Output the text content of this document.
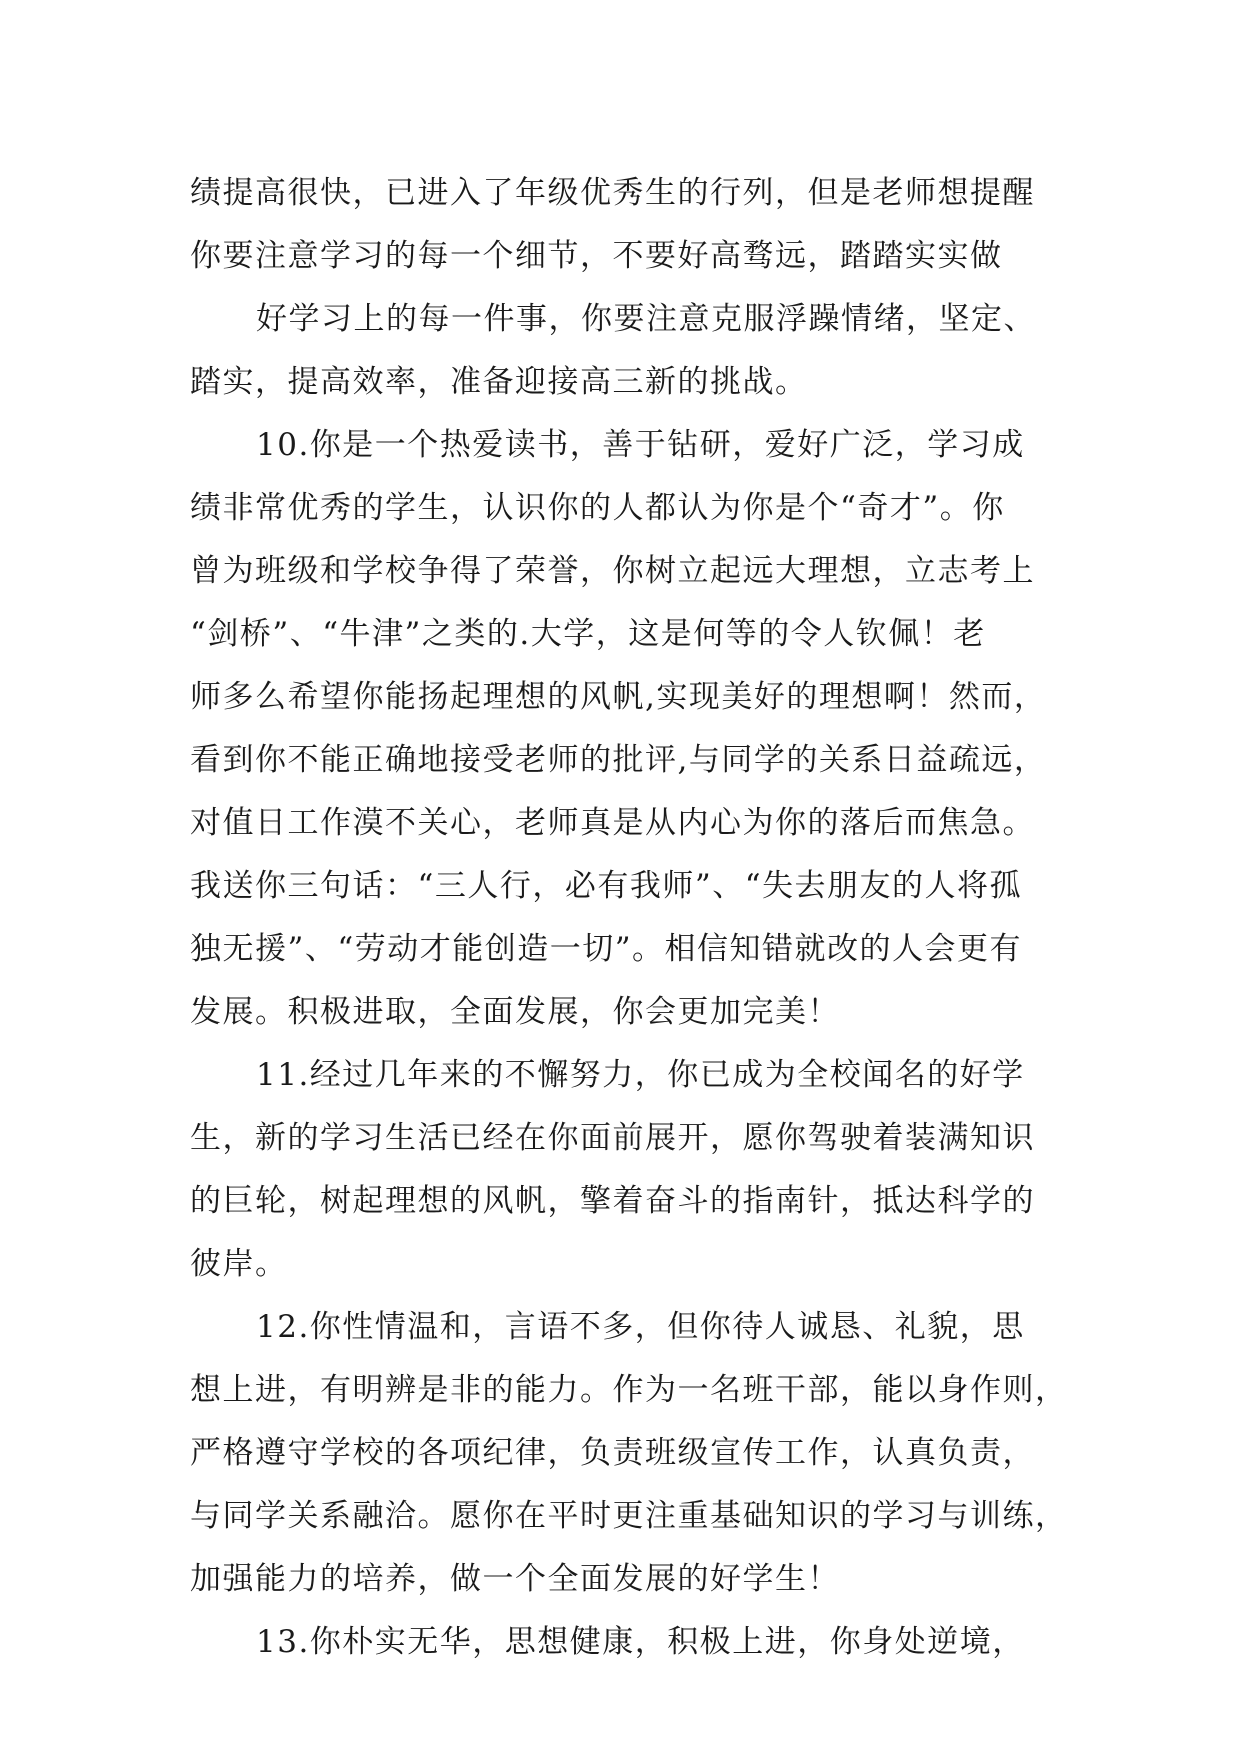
绩提高很快，已进入了年级优秀生的行列，但是老师想提醒

你要注意学习的每一个细节，不要好高骛远，踏踏实实做

好学习上的每一件事，你要注意克服浮躁情绪，坚定、

踏实，提高效率，准备迎接高三新的挑战。

10.你是一个热爱读书，善于钻研，爱好广泛，学习成

绩非常优秀的学生，认识你的人都认为你是个“奇才”。你

曾为班级和学校争得了荣誉，你树立起远大理想，立志考上

“剑桥”、“牛津”之类的.大学，这是何等的令人钦佩！老

师多么希望你能扬起理想的风帆,实现美好的理想啊！然而，

看到你不能正确地接受老师的批评,与同学的关系日益疏远，

对值日工作漠不关心，老师真是从内心为你的落后而焦急。

我送你三句话：“三人行，必有我师”、“失去朋友的人将孤

独无援”、“劳动才能创造一切”。相信知错就改的人会更有

发展。积极进取，全面发展，你会更加完美！

11.经过几年来的不懈努力，你已成为全校闻名的好学

生，新的学习生活已经在你面前展开，愿你驾驶着装满知识

的巨轮，树起理想的风帆，擎着奋斗的指南针，抵达科学的

彼岸。

12.你性情温和，言语不多，但你待人诚恳、礼貌，思

想上进，有明辨是非的能力。作为一名班干部，能以身作则，

严格遵守学校的各项纪律，负责班级宣传工作，认真负责，

与同学关系融洽。愿你在平时更注重基础知识的学习与训练，

加强能力的培养，做一个全面发展的好学生！

13.你朴实无华，思想健康，积极上进，你身处逆境，
